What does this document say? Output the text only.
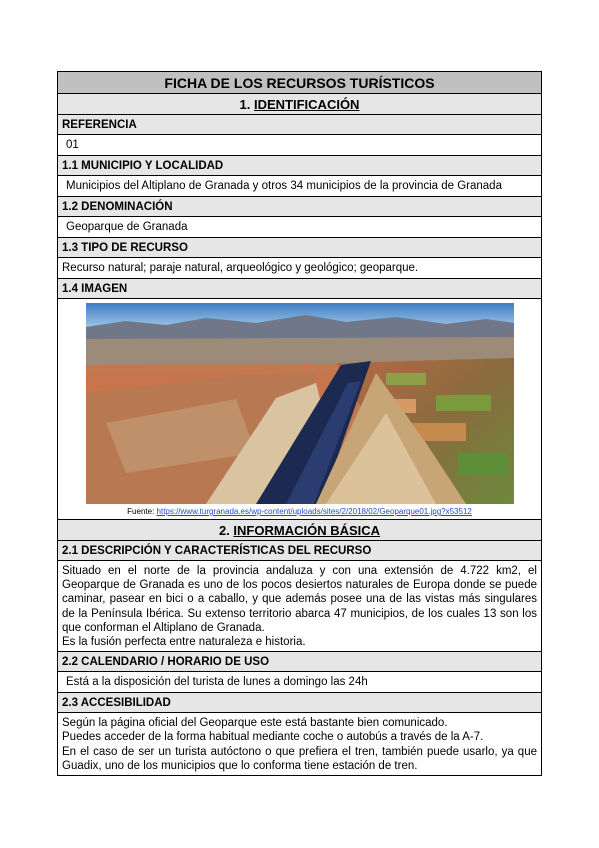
FICHA DE LOS RECURSOS TURÍSTICOS
1. IDENTIFICACIÓN
REFERENCIA
01
1.1 MUNICIPIO Y LOCALIDAD
Municipios del Altiplano de Granada y otros 34 municipios de la provincia de Granada
1.2 DENOMINACIÓN
Geoparque de Granada
1.3 TIPO DE RECURSO
Recurso natural; paraje natural, arqueológico y geológico; geoparque.
1.4 IMAGEN
Fuente: https://www.turgranada.es/wp-content/uploads/sites/2/2018/02/Geoparque01.jpg?x53512
2. INFORMACIÓN BÁSICA
2.1 DESCRIPCIÓN Y CARACTERÍSTICAS DEL RECURSO

Situado en el norte de la provincia andaluza y con una extensión de 4.722 km2, el Geoparque de Granada es uno de los pocos desiertos naturales de Europa donde se puede caminar, pasear en bici o a caballo, y que además posee una de las vistas más singulares de la Península Ibérica. Su extenso territorio abarca 47 municipios, de los cuales 13 son los que conforman el Altiplano de Granada.

Es la fusión perfecta entre naturaleza e historia.

2.2 CALENDARIO / HORARIO DE USO
Está a la disposición del turista de lunes a domingo las 24h
2.3 ACCESIBILIDAD

Según la página oficial del Geoparque este está bastante bien comunicado.

Puedes acceder de la forma habitual mediante coche o autobús a través de la A-7.

En el caso de ser un turista autóctono o que prefiera el tren, también puede usarlo, ya que Guadix, uno de los municipios que lo conforma tiene estación de tren.
